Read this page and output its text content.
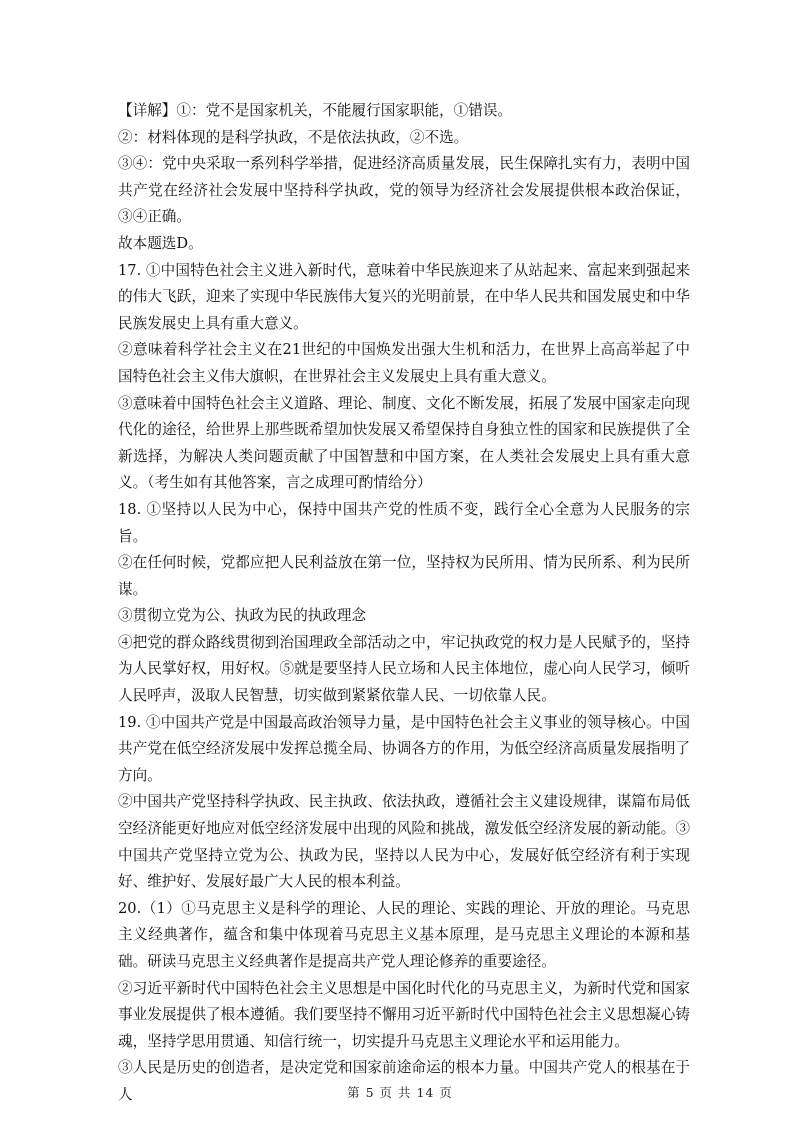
【详解】①：党不是国家机关，不能履行国家职能，①错误。

②：材料体现的是科学执政，不是依法执政，②不选。

③④：党中央采取一系列科学举措，促进经济高质量发展，民生保障扎实有力，表明中国共产党在经济社会发展中坚持科学执政，党的领导为经济社会发展提供根本政治保证，③④正确。

故本题选D。

17. ①中国特色社会主义进入新时代，意味着中华民族迎来了从站起来、富起来到强起来的伟大飞跃，迎来了实现中华民族伟大复兴的光明前景，在中华人民共和国发展史和中华民族发展史上具有重大意义。

②意味着科学社会主义在21世纪的中国焕发出强大生机和活力，在世界上高高举起了中国特色社会主义伟大旗帜，在世界社会主义发展史上具有重大意义。

③意味着中国特色社会主义道路、理论、制度、文化不断发展，拓展了发展中国家走向现代化的途径，给世界上那些既希望加快发展又希望保持自身独立性的国家和民族提供了全新选择，为解决人类问题贡献了中国智慧和中国方案，在人类社会发展史上具有重大意义。（考生如有其他答案，言之成理可酌情给分）

18. ①坚持以人民为中心，保持中国共产党的性质不变，践行全心全意为人民服务的宗旨。

②在任何时候，党都应把人民利益放在第一位，坚持权为民所用、情为民所系、利为民所谋。

③贯彻立党为公、执政为民的执政理念

④把党的群众路线贯彻到治国理政全部活动之中，牢记执政党的权力是人民赋予的，坚持为人民掌好权，用好权。⑤就是要坚持人民立场和人民主体地位，虚心向人民学习，倾听人民呼声，汲取人民智慧，切实做到紧紧依靠人民、一切依靠人民。

19. ①中国共产党是中国最高政治领导力量，是中国特色社会主义事业的领导核心。中国共产党在低空经济发展中发挥总揽全局、协调各方的作用，为低空经济高质量发展指明了方向。

②中国共产党坚持科学执政、民主执政、依法执政，遵循社会主义建设规律，谋篇布局低空经济能更好地应对低空经济发展中出现的风险和挑战，激发低空经济发展的新动能。③中国共产党坚持立党为公、执政为民，坚持以人民为中心，发展好低空经济有利于实现好、维护好、发展好最广大人民的根本利益。

20.（1）①马克思主义是科学的理论、人民的理论、实践的理论、开放的理论。马克思主义经典著作，蕴含和集中体现着马克思主义基本原理，是马克思主义理论的本源和基础。研读马克思主义经典著作是提高共产党人理论修养的重要途径。

②习近平新时代中国特色社会主义思想是中国化时代化的马克思主义，为新时代党和国家事业发展提供了根本遵循。我们要坚持不懈用习近平新时代中国特色社会主义思想凝心铸魂，坚持学思用贯通、知信行统一，切实提升马克思主义理论水平和运用能力。

③人民是历史的创造者，是决定党和国家前途命运的根本力量。中国共产党人的根基在于人	第 5 页 共 14 页
